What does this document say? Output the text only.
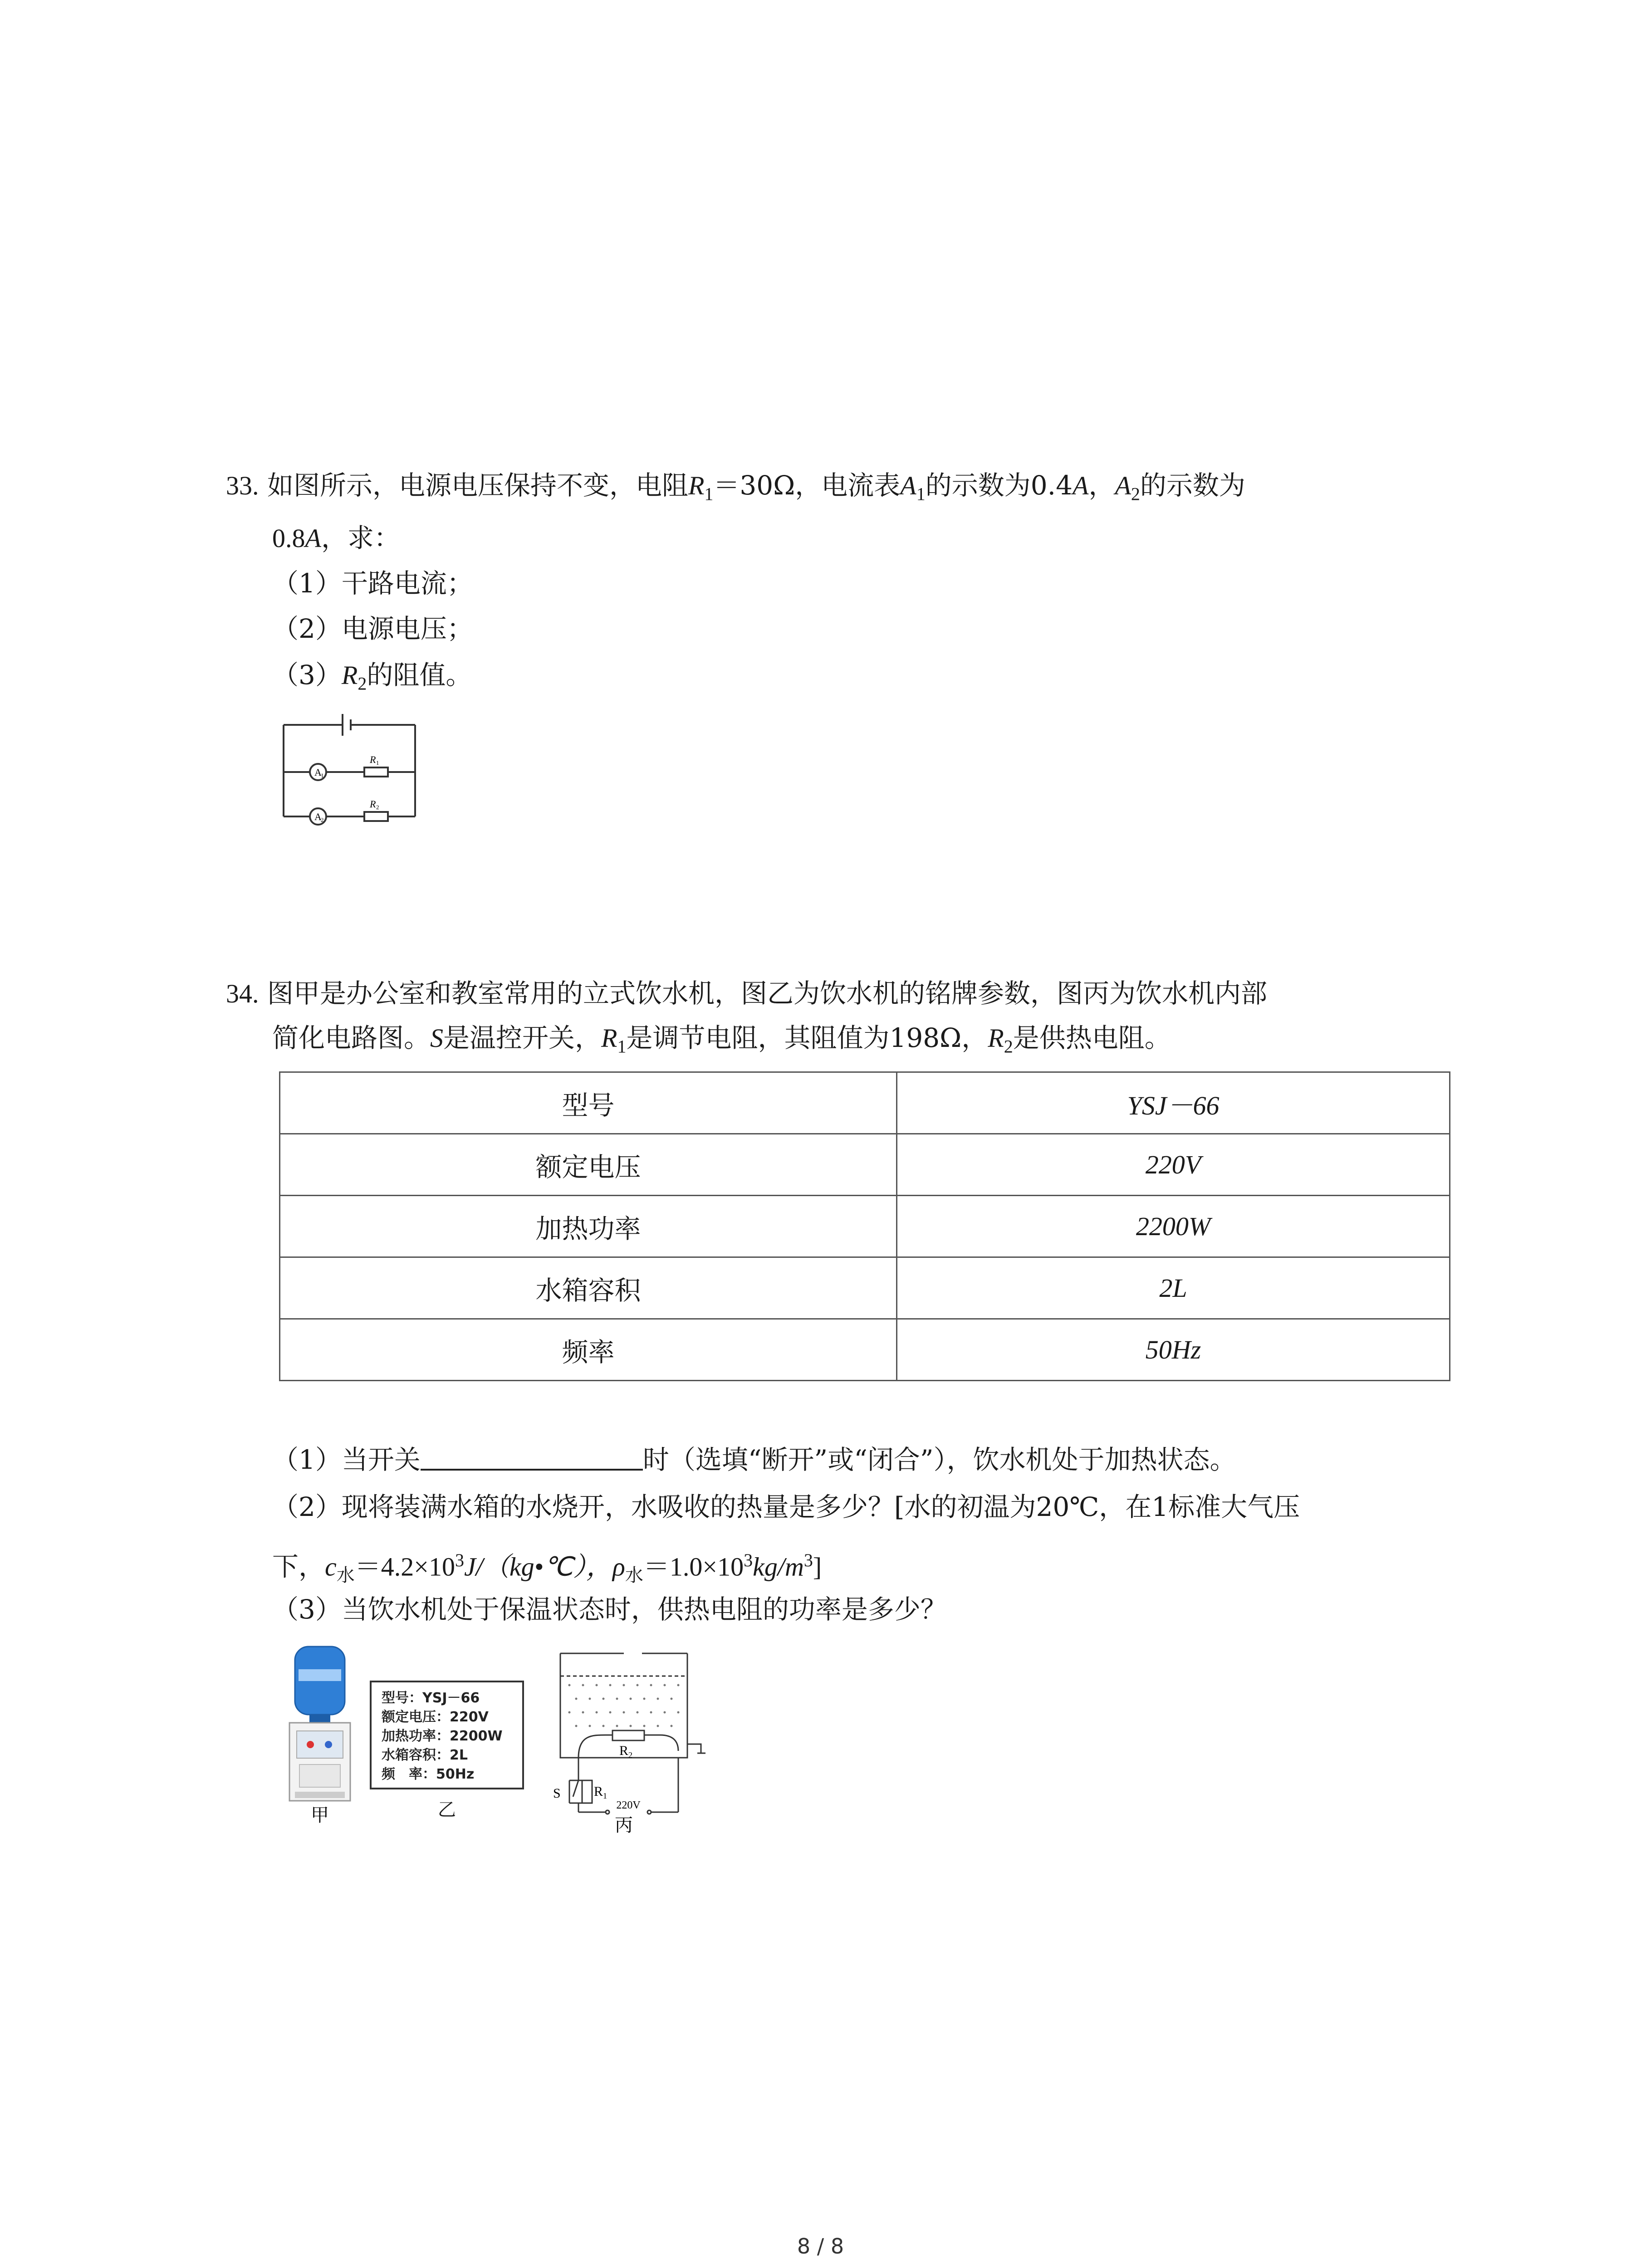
33. 如图所示，电源电压保持不变，电阻$R_1=30\Omega$，电流表$A_1$的示数为0.4A，$A_2$的示数为
0.8A，求：
（1）干路电流；
（2）电源电压；
$(3)R_2$的阻值。
A
1
A
2
R 1
R 2
34. 图甲是办公室和教室常用的立式饮水机，图乙为饮水机的铭牌参数，图丙为饮水机内部
简化电路图。S是温控开关，$R_1$是调节电阻，其阻值为198Ω，$R_2$是供热电阻。
型号	YSJ－66
额定电压	220V
加热功率	2200W
水箱容积	2L
频率	50Hz
（1）当开关	时（选填“断开”或“闭合”），饮水机处于加热状态。
（2）现将装满水箱的水烧开，水吸收的热量是多少？[水的初温为20℃，在1标准大气压
下，$c_水=4.2\times 10^3J/(kg•℃)$，$\rho_水=1.0\times 10^3kg/m^3$]
（3）当饮水机处于保温状态时，供热电阻的功率是多少？
甲
型号：YSJ－66
额定电压：220V
加热功率：2200W
水箱容积：2L
频　率：50Hz
乙
S R 1
R 2
220V
丙
8 / 8
